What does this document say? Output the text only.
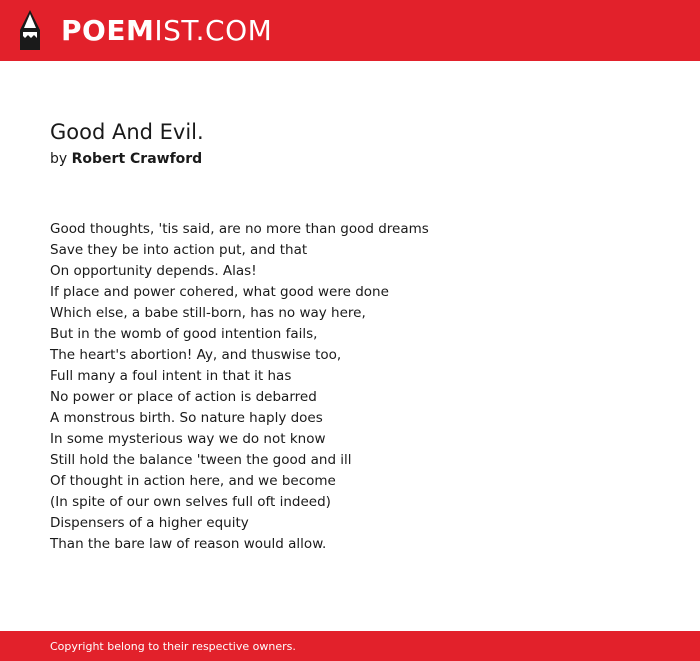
POEMIST.COM
Good And Evil.
by Robert Crawford
Good thoughts, 'tis said, are no more than good dreams
Save they be into action put, and that
On opportunity depends. Alas!
If place and power cohered, what good were done
Which else, a babe still-born, has no way here,
But in the womb of good intention fails,
The heart's abortion! Ay, and thuswise too,
Full many a foul intent in that it has
No power or place of action is debarred
A monstrous birth. So nature haply does
In some mysterious way we do not know
Still hold the balance 'tween the good and ill
Of thought in action here, and we become
(In spite of our own selves full oft indeed)
Dispensers of a higher equity
Than the bare law of reason would allow.
Copyright belong to their respective owners.
